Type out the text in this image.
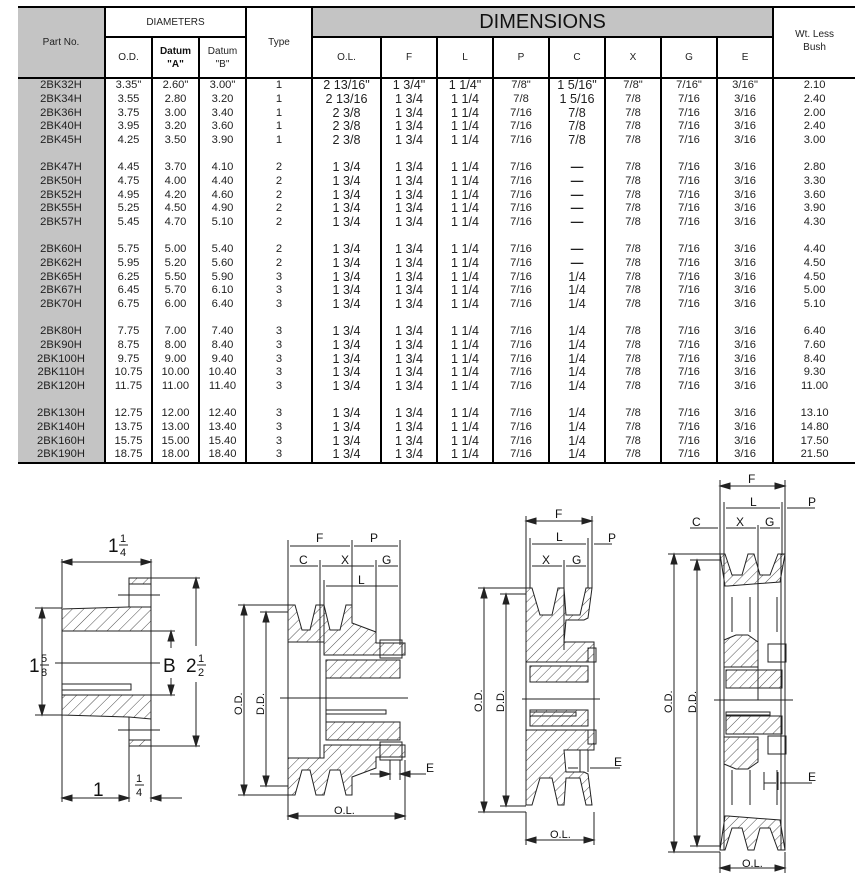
Part No.	DIAMETERS			Type	DIMENSIONS								Wt. Less
Bush

	O.D.	Datum
"A"	Datum
"B"		O.L.	F	L	P	C	X	G	E	
2BK32H	3.35"	2.60"	3.00"	1	2 13/16"	1 3/4"	1 1/4"	7/8"	1 5/16"	7/8"	7/16"	3/16"	2.10
2BK34H	3.55	2.80	3.20	1	2 13/16	1 3/4	1 1/4	7/8	1 5/16	7/8	7/16	3/16	2.40
2BK36H	3.75	3.00	3.40	1	2 3/8	1 3/4	1 1/4	7/16	7/8	7/8	7/16	3/16	2.00
2BK40H	3.95	3.20	3.60	1	2 3/8	1 3/4	1 1/4	7/16	7/8	7/8	7/16	3/16	2.40
2BK45H	4.25	3.50	3.90	1	2 3/8	1 3/4	1 1/4	7/16	7/8	7/8	7/16	3/16	3.00

2BK47H	4.45	3.70	4.10	2	1 3/4	1 3/4	1 1/4	7/16	—	7/8	7/16	3/16	2.80
2BK50H	4.75	4.00	4.40	2	1 3/4	1 3/4	1 1/4	7/16	—	7/8	7/16	3/16	3.30
2BK52H	4.95	4.20	4.60	2	1 3/4	1 3/4	1 1/4	7/16	—	7/8	7/16	3/16	3.60
2BK55H	5.25	4.50	4.90	2	1 3/4	1 3/4	1 1/4	7/16	—	7/8	7/16	3/16	3.90
2BK57H	5.45	4.70	5.10	2	1 3/4	1 3/4	1 1/4	7/16	—	7/8	7/16	3/16	4.30

2BK60H	5.75	5.00	5.40	2	1 3/4	1 3/4	1 1/4	7/16	—	7/8	7/16	3/16	4.40
2BK62H	5.95	5.20	5.60	2	1 3/4	1 3/4	1 1/4	7/16	—	7/8	7/16	3/16	4.50
2BK65H	6.25	5.50	5.90	3	1 3/4	1 3/4	1 1/4	7/16	1/4	7/8	7/16	3/16	4.50
2BK67H	6.45	5.70	6.10	3	1 3/4	1 3/4	1 1/4	7/16	1/4	7/8	7/16	3/16	5.00
2BK70H	6.75	6.00	6.40	3	1 3/4	1 3/4	1 1/4	7/16	1/4	7/8	7/16	3/16	5.10

2BK80H	7.75	7.00	7.40	3	1 3/4	1 3/4	1 1/4	7/16	1/4	7/8	7/16	3/16	6.40
2BK90H	8.75	8.00	8.40	3	1 3/4	1 3/4	1 1/4	7/16	1/4	7/8	7/16	3/16	7.60
2BK100H	9.75	9.00	9.40	3	1 3/4	1 3/4	1 1/4	7/16	1/4	7/8	7/16	3/16	8.40
2BK110H	10.75	10.00	10.40	3	1 3/4	1 3/4	1 1/4	7/16	1/4	7/8	7/16	3/16	9.30
2BK120H	11.75	11.00	11.40	3	1 3/4	1 3/4	1 1/4	7/16	1/4	7/8	7/16	3/16	11.00

2BK130H	12.75	12.00	12.40	3	1 3/4	1 3/4	1 1/4	7/16	1/4	7/8	7/16	3/16	13.10
2BK140H	13.75	13.00	13.40	3	1 3/4	1 3/4	1 1/4	7/16	1/4	7/8	7/16	3/16	14.80
2BK160H	15.75	15.00	15.40	3	1 3/4	1 3/4	1 1/4	7/16	1/4	7/8	7/16	3/16	17.50
2BK190H	18.75	18.00	18.40	3	1 3/4	1 3/4	1 1/4	7/16	1/4	7/8	7/16	3/16	21.50
1 1
4
1 5
8	B 2 1
2
1
1
4
F	P
C	X	G
L
O.D. D.D.
E
O.L.
F
L	P
X G
O.D. D.D.
E
O.L.
F
L	P
C	X G
O.D. D.D.
E
O.L.
